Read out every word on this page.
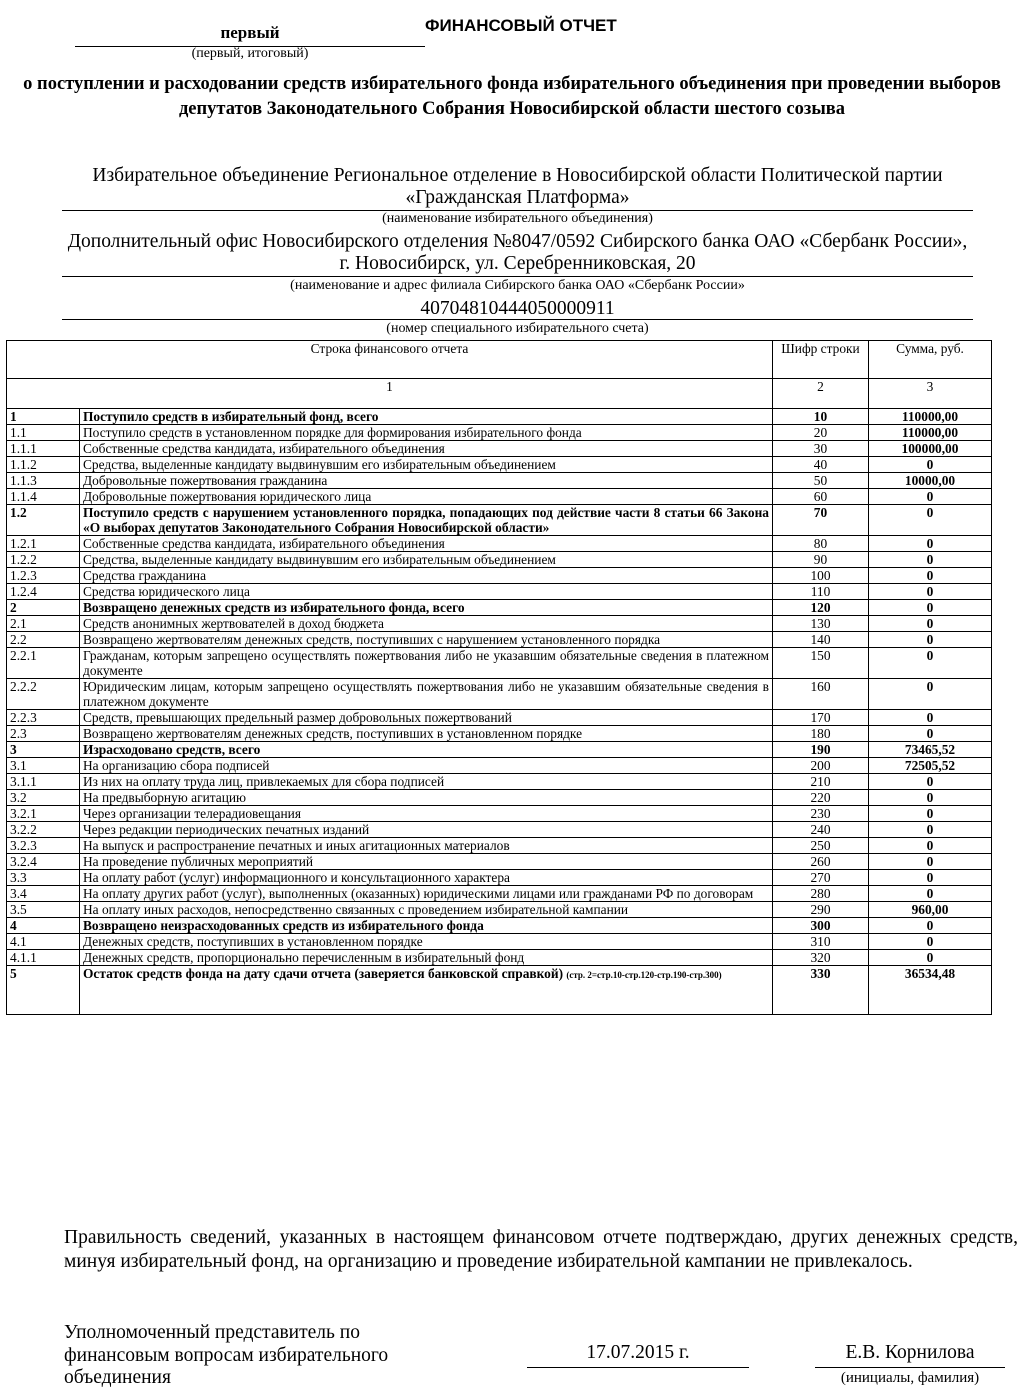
первый
(первый, итоговый)
ФИНАНСОВЫЙ ОТЧЕТ
о поступлении и расходовании средств избирательного фонда избирательного объединения при проведении выборов депутатов Законодательного Собрания Новосибирской области шестого созыва
Избирательное объединение Региональное отделение в Новосибирской области Политической партии «Гражданская Платформа»
(наименование избирательного объединения)
Дополнительный офис Новосибирского отделения №8047/0592 Сибирского банка ОАО «Сбербанк России», г. Новосибирск, ул. Серебренниковская, 20
(наименование и адрес филиала Сибирского банка ОАО «Сбербанк России»
40704810444050000911
(номер специального избирательного счета)
Строка финансового отчета		Шифр строки	Сумма, руб.
1		2	3
1	Поступило средств в избирательный фонд, всего	10	110000,00
1.1	Поступило средств в установленном порядке для формирования избирательного фонда	20	110000,00
1.1.1	Собственные средства кандидата, избирательного объединения	30	100000,00
1.1.2	Средства, выделенные кандидату выдвинувшим его избирательным объединением	40	0
1.1.3	Добровольные пожертвования гражданина	50	10000,00
1.1.4	Добровольные пожертвования юридического лица	60	0
1.2	Поступило средств с нарушением установленного порядка, попадающих под действие части 8 статьи 66 Закона «О выборах депутатов Законодательного Собрания Новосибирской области»	70	0
1.2.1	Собственные средства кандидата, избирательного объединения	80	0
1.2.2	Средства, выделенные кандидату выдвинувшим его избирательным объединением	90	0
1.2.3	Средства гражданина	100	0
1.2.4	Средства юридического лица	110	0
2	Возвращено денежных средств из избирательного фонда, всего	120	0
2.1	Средств анонимных жертвователей в доход бюджета	130	0
2.2	Возвращено жертвователям денежных средств, поступивших с нарушением установленного порядка	140	0
2.2.1	Гражданам, которым запрещено осуществлять пожертвования либо не указавшим обязательные сведения в платежном документе	150	0
2.2.2	Юридическим лицам, которым запрещено осуществлять пожертвования либо не указавшим обязательные сведения в платежном документе	160	0
2.2.3	Средств, превышающих предельный размер добровольных пожертвований	170	0
2.3	Возвращено жертвователям денежных средств, поступивших в установленном порядке	180	0
3	Израсходовано средств, всего	190	73465,52
3.1	На организацию сбора подписей	200	72505,52
3.1.1	Из них на оплату труда лиц, привлекаемых для сбора подписей	210	0
3.2	На предвыборную агитацию	220	0
3.2.1	Через организации телерадиовещания	230	0
3.2.2	Через редакции периодических печатных изданий	240	0
3.2.3	На выпуск и распространение печатных и иных агитационных материалов	250	0
3.2.4	На проведение публичных мероприятий	260	0
3.3	На оплату работ (услуг) информационного и консультационного характера	270	0
3.4	На оплату других работ (услуг), выполненных (оказанных) юридическими лицами или гражданами РФ по договорам	280	0
3.5	На оплату иных расходов, непосредственно связанных с проведением избирательной кампании	290	960,00
4	Возвращено неизрасходованных средств из избирательного фонда	300	0
4.1	Денежных средств, поступивших в установленном порядке	310	0
4.1.1	Денежных средств, пропорционально перечисленным в избирательный фонд	320	0
5	Остаток средств фонда на дату сдачи отчета (заверяется банковской справкой) (стр. 2=стр.10-стр.120-стр.190-стр.300)	330	36534,48
Правильность сведений, указанных в настоящем финансовом отчете подтверждаю, других денежных средств, минуя избирательный фонд, на организацию и проведение избирательной кампании не привлекалось.
Уполномоченный представитель по финансовым вопросам избирательного объединения
17.07.2015 г.	Е.В. Корнилова
(инициалы, фамилия)
